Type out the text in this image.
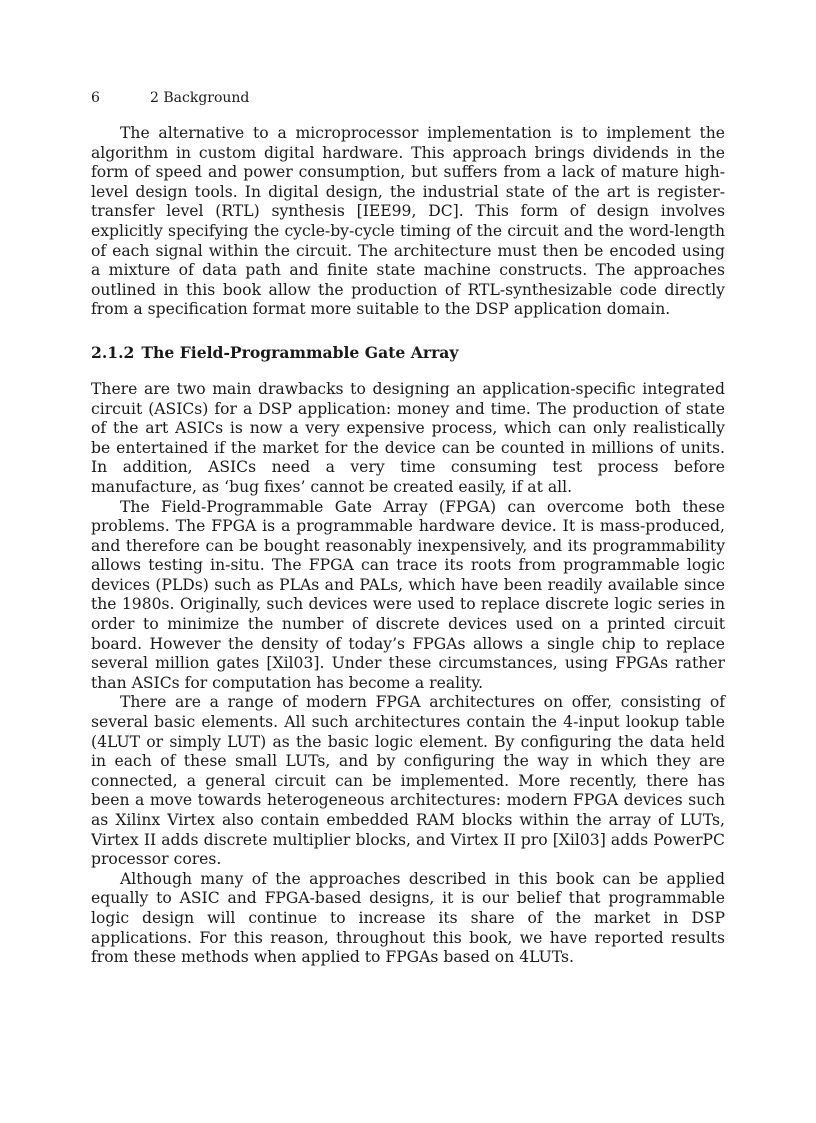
6	2 Background

The alternative to a microprocessor implementation is to implement the algorithm in custom digital hardware. This approach brings dividends in the form of speed and power consumption, but suffers from a lack of mature high-level design tools. In digital design, the industrial state of the art is register-transfer level (RTL) synthesis [IEE99, DC]. This form of design involves explicitly specifying the cycle-by-cycle timing of the circuit and the word-length of each signal within the circuit. The architecture must then be encoded using a mixture of data path and finite state machine constructs. The approaches outlined in this book allow the production of RTL-synthesizable code directly from a specification format more suitable to the DSP application domain.

2.1.2 The Field-Programmable Gate Array

There are two main drawbacks to designing an application-specific integrated circuit (ASICs) for a DSP application: money and time. The production of state of the art ASICs is now a very expensive process, which can only realistically be entertained if the market for the device can be counted in millions of units. In addition, ASICs need a very time consuming test process before manufacture, as ‘bug fixes’ cannot be created easily, if at all.

The Field-Programmable Gate Array (FPGA) can overcome both these problems. The FPGA is a programmable hardware device. It is mass-produced, and therefore can be bought reasonably inexpensively, and its programmability allows testing in-situ. The FPGA can trace its roots from programmable logic devices (PLDs) such as PLAs and PALs, which have been readily available since the 1980s. Originally, such devices were used to replace discrete logic series in order to minimize the number of discrete devices used on a printed circuit board. However the density of today’s FPGAs allows a single chip to replace several million gates [Xil03]. Under these circumstances, using FPGAs rather than ASICs for computation has become a reality.

There are a range of modern FPGA architectures on offer, consisting of several basic elements. All such architectures contain the 4-input lookup table (4LUT or simply LUT) as the basic logic element. By configuring the data held in each of these small LUTs, and by configuring the way in which they are connected, a general circuit can be implemented. More recently, there has been a move towards heterogeneous architectures: modern FPGA devices such as Xilinx Virtex also contain embedded RAM blocks within the array of LUTs, Virtex II adds discrete multiplier blocks, and Virtex II pro [Xil03] adds PowerPC processor cores.

Although many of the approaches described in this book can be applied equally to ASIC and FPGA-based designs, it is our belief that programmable logic design will continue to increase its share of the market in DSP applications. For this reason, throughout this book, we have reported results from these methods when applied to FPGAs based on 4LUTs.
